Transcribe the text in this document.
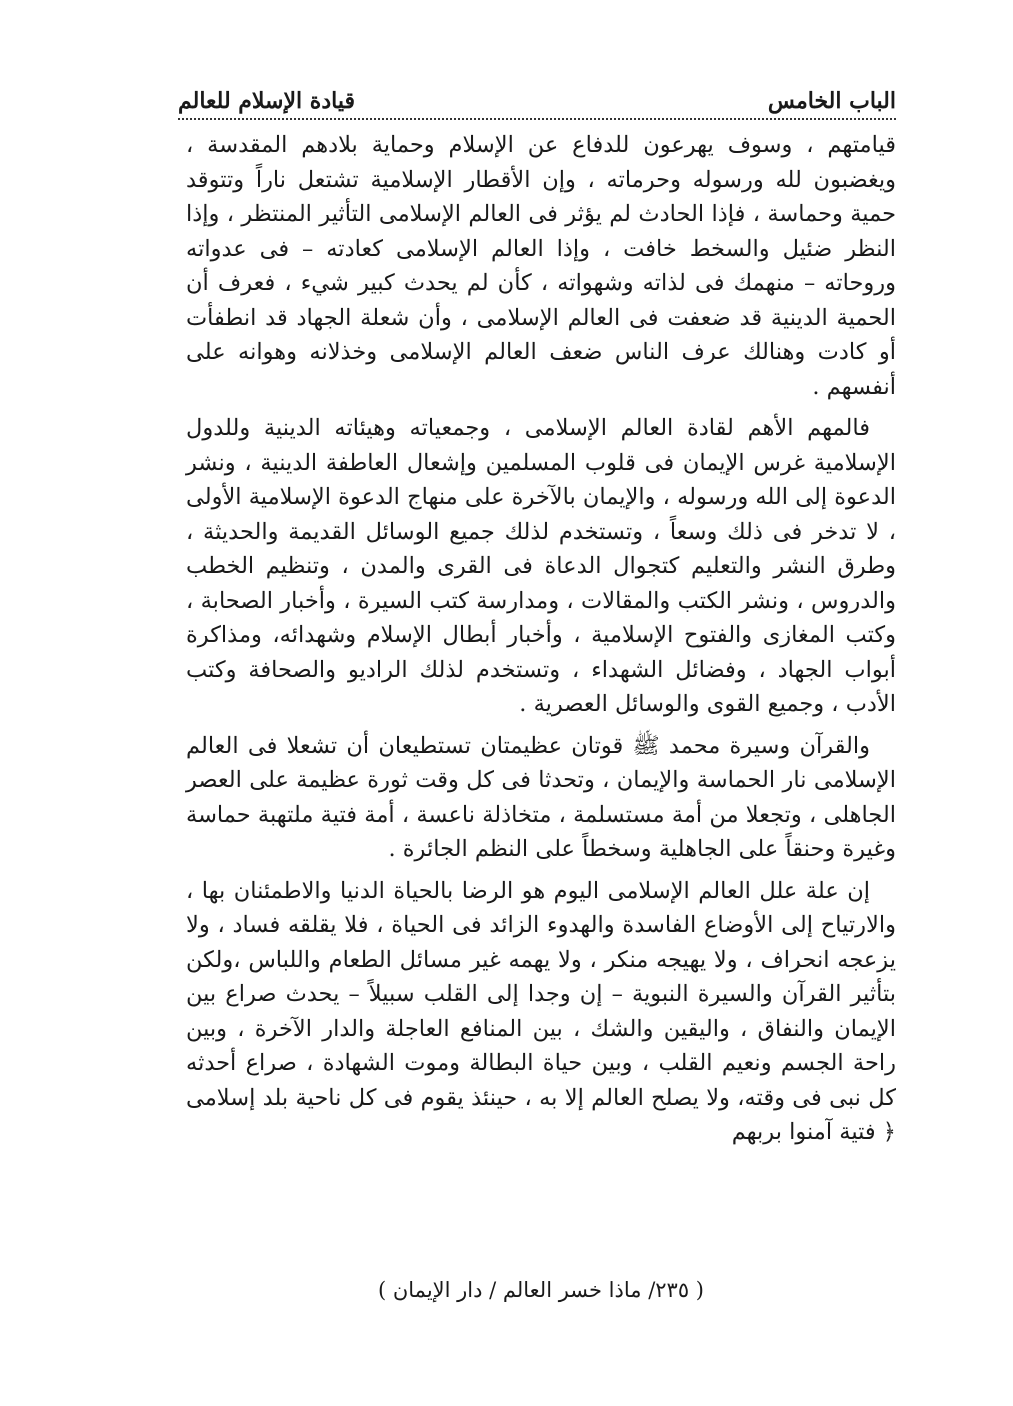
الباب الخامس
قيادة الإسلام للعالم

قيامتهم ، وسوف يهرعون للدفاع عن الإسلام وحماية بلادهم المقدسة ، ويغضبون لله ورسوله وحرماته ، وإن الأقطار الإسلامية تشتعل ناراً وتتوقد حمية وحماسة ، فإذا الحادث لم يؤثر فى العالم الإسلامى التأثير المنتظر ، وإذا النظر ضئيل والسخط خافت ، وإذا العالم الإسلامى كعادته – فى عدواته وروحاته – منهمك فى لذاته وشهواته ، كأن لم يحدث كبير شيء ، فعرف أن الحمية الدينية قد ضعفت فى العالم الإسلامى ، وأن شعلة الجهاد قد انطفأت أو كادت وهنالك عرف الناس ضعف العالم الإسلامى وخذلانه وهوانه على أنفسهم .

فالمهم الأهم لقادة العالم الإسلامى ، وجمعياته وهيئاته الدينية وللدول الإسلامية غرس الإيمان فى قلوب المسلمين وإشعال العاطفة الدينية ، ونشر الدعوة إلى الله ورسوله ، والإيمان بالآخرة على منهاج الدعوة الإسلامية الأولى ، لا تدخر فى ذلك وسعاً ، وتستخدم لذلك جميع الوسائل القديمة والحديثة ، وطرق النشر والتعليم كتجوال الدعاة فى القرى والمدن ، وتنظيم الخطب والدروس ، ونشر الكتب والمقالات ، ومدارسة كتب السيرة ، وأخبار الصحابة ، وكتب المغازى والفتوح الإسلامية ، وأخبار أبطال الإسلام وشهدائه، ومذاكرة أبواب الجهاد ، وفضائل الشهداء ، وتستخدم لذلك الراديو والصحافة وكتب الأدب ، وجميع القوى والوسائل العصرية .

والقرآن وسيرة محمد ﷺ قوتان عظيمتان تستطيعان أن تشعلا فى العالم الإسلامى نار الحماسة والإيمان ، وتحدثا فى كل وقت ثورة عظيمة على العصر الجاهلى ، وتجعلا من أمة مستسلمة ، متخاذلة ناعسة ، أمة فتية ملتهبة حماسة وغيرة وحنقاً على الجاهلية وسخطاً على النظم الجائرة .

إن علة علل العالم الإسلامى اليوم هو الرضا بالحياة الدنيا والاطمئنان بها ، والارتياح إلى الأوضاع الفاسدة والهدوء الزائد فى الحياة ، فلا يقلقه فساد ، ولا يزعجه انحراف ، ولا يهيجه منكر ، ولا يهمه غير مسائل الطعام واللباس ،ولكن بتأثير القرآن والسيرة النبوية – إن وجدا إلى القلب سبيلاً – يحدث صراع بين الإيمان والنفاق ، واليقين والشك ، بين المنافع العاجلة والدار الآخرة ، وبين راحة الجسم ونعيم القلب ، وبين حياة البطالة وموت الشهادة ، صراع أحدثه كل نبى فى وقته، ولا يصلح العالم إلا به ، حينئذ يقوم فى كل ناحية بلد إسلامى ﴿ فتية آمنوا بربهم

( ٢٣٥/ ماذا خسر العالم / دار الإيمان )
